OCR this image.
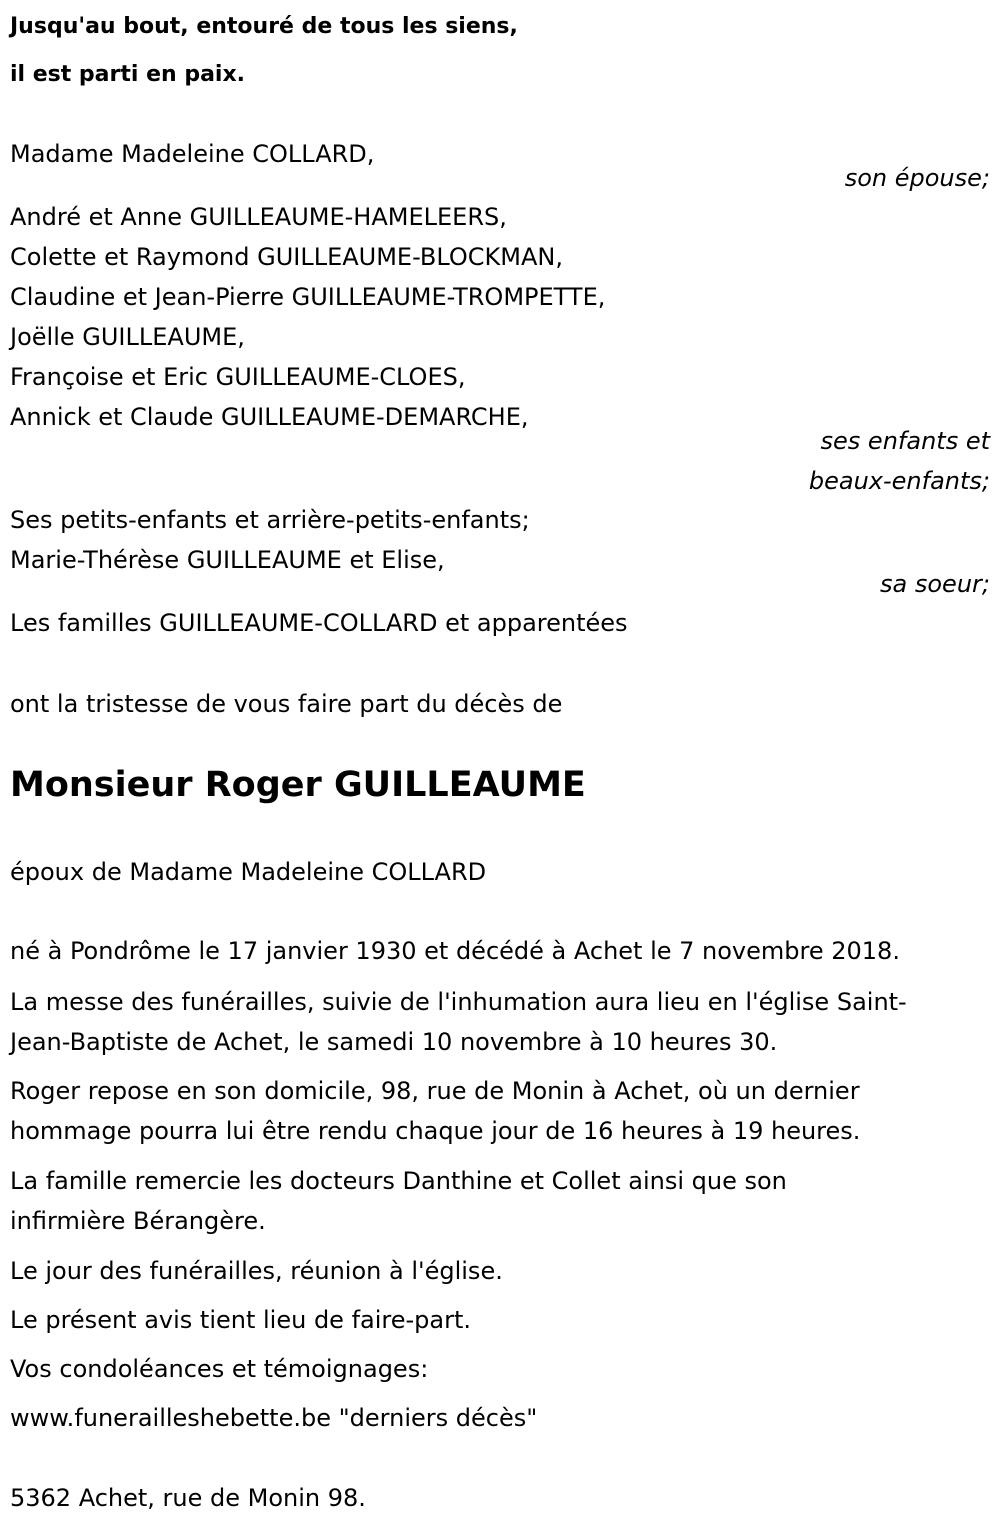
Jusqu'au bout, entouré de tous les siens,
il est parti en paix.
Madame Madeleine COLLARD,
son épouse;
André et Anne GUILLEAUME-HAMELEERS,
Colette et Raymond GUILLEAUME-BLOCKMAN,
Claudine et Jean-Pierre GUILLEAUME-TROMPETTE,
Joëlle GUILLEAUME,
Françoise et Eric GUILLEAUME-CLOES,
Annick et Claude GUILLEAUME-DEMARCHE,
ses enfants et
beaux-enfants;
Ses petits-enfants et arrière-petits-enfants;
Marie-Thérèse GUILLEAUME et Elise,
sa soeur;
Les familles GUILLEAUME-COLLARD et apparentées
ont la tristesse de vous faire part du décès de
Monsieur Roger GUILLEAUME
époux de Madame Madeleine COLLARD
né à Pondrôme le 17 janvier 1930 et décédé à Achet le 7 novembre 2018.
La messe des funérailles, suivie de l'inhumation aura lieu en l'église Saint-
Jean-Baptiste de Achet, le samedi 10 novembre à 10 heures 30.
Roger repose en son domicile, 98, rue de Monin à Achet, où un dernier
hommage pourra lui être rendu chaque jour de 16 heures à 19 heures.
La famille remercie les docteurs Danthine et Collet ainsi que son
infirmière Bérangère.
Le jour des funérailles, réunion à l'église.
Le présent avis tient lieu de faire-part.
Vos condoléances et témoignages:
www.funerailleshebette.be "derniers décès"
5362 Achet, rue de Monin 98.
